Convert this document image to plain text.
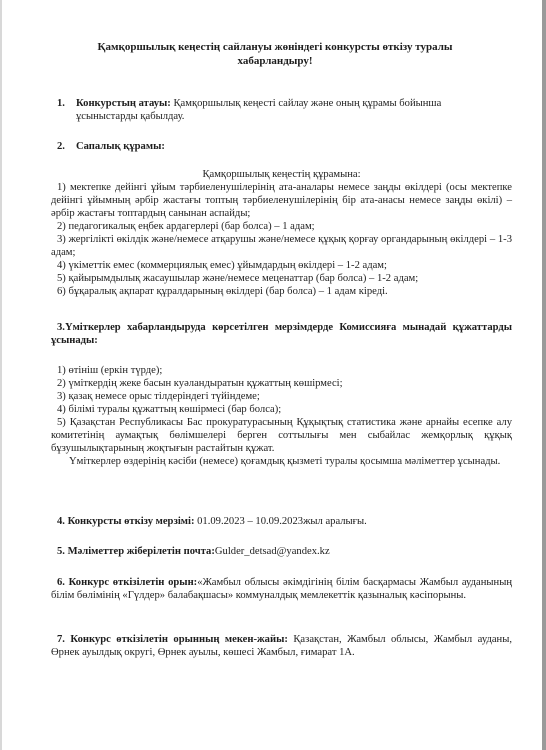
Қамқоршылық кеңестің сайлануы жөніндегі конкурсты өткізу туралы
хабарландыру!
1. Конкурстың атауы: Қамқоршылық кеңесті сайлау және оның құрамы бойынша
ұсыныстарды қабылдау.
2. Сапалық құрамы:
Қамқоршылық кеңестің құрамына:
1) мектепке дейінгі ұйым тәрбиеленушілерінің ата-аналары немесе заңды өкілдері (осы мектепке дейінгі ұйымның әрбір жастағы топтың тәрбиеленушілерінің бір ата-анасы немесе заңды өкілі) – әрбір жастағы топтардың санынан аспайды;
2) педагогикалық еңбек ардагерлері (бар болса) – 1 адам;
3) жергілікті өкілдік және/немесе атқарушы және/немесе құқық қорғау органдарының өкілдері – 1-3 адам;
4) үкіметтік емес (коммерциялық емес) ұйымдардың өкілдері – 1-2 адам;
5) қайырымдылық жасаушылар және/немесе меценаттар (бар болса) – 1-2 адам;
6) бұқаралық ақпарат құралдарының өкілдері (бар болса) – 1 адам кіреді.
3.Үміткерлер хабарландыруда көрсетілген мерзімдерде Комиссияға мынадай құжаттарды ұсынады:
1) өтініш (еркін түрде);
2) үміткердің жеке басын куәландыратын құжаттың көшірмесі;
3) қазақ немесе орыс тілдеріндегі түйіндеме;
4) білімі туралы құжаттың көшірмесі (бар болса);
5) Қазақстан Республикасы Бас прокуратурасының Құқықтық статистика және арнайы есепке алу комитетінің аумақтық бөлімшелері берген соттылығы мен сыбайлас жемқорлық құқық бұзушылықтарының жоқтығын растайтын құжат.
Үміткерлер өздерінің кәсіби (немесе) қоғамдық қызметі туралы қосымша мәліметтер ұсынады.
4. Конкурсты өткізу мерзімі: 01.09.2023 – 10.09.2023жыл аралығы.
5. Мәліметтер жіберілетін почта:Gulder_detsad@yandex.kz
6. Конкурс өткізілетін орын:«Жамбыл облысы әкімдігінің білім басқармасы Жамбыл ауданының білім бөлімінің «Гүлдер» балабақшасы» коммуналдық мемлекеттік қазыналық кәсіпорыны.
7. Конкурс өткізілетін орынның мекен-жайы: Қазақстан, Жамбыл облысы, Жамбыл ауданы, Өрнек ауылдық округі, Өрнек ауылы, көшесі Жамбыл, ғимарат 1А.
